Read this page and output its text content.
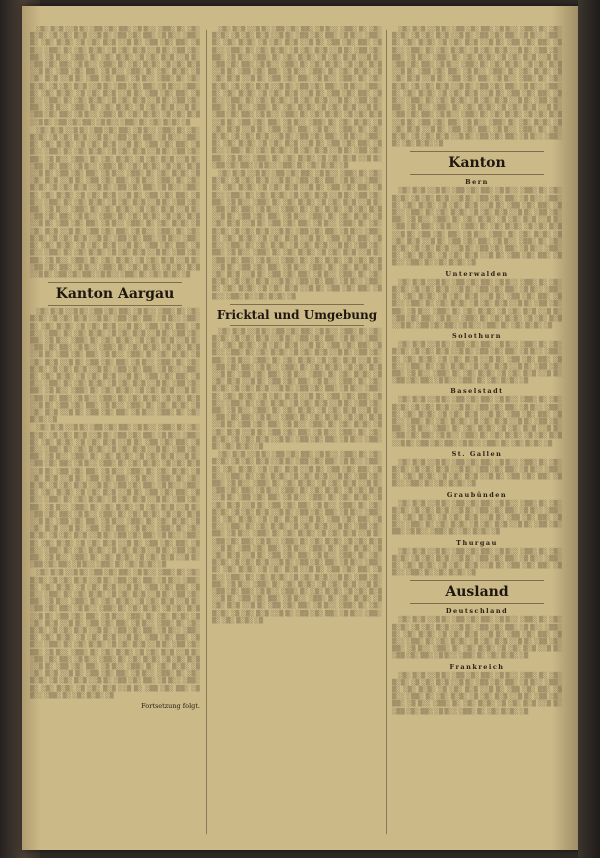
░▒░ ▒░▒ ░░▒ ▒░ ░▒▒ ░▒░ ▒▒░ ░▒ ▒░░ ░▒▒░ ▒░ ░▒░ ▒░▒░ ░▒ ░▒░ ▒░▒ ░░▒ ▒░ ░▒▒ ░▒░ ▒▒░ ░▒ ▒░░ ░▒▒░ ▒░ ░▒░ ▒░▒░ ░▒ ░▒░ ▒░▒ ░░▒ ▒░ ░▒▒ ░▒░ ▒▒░ ░▒ ▒░░ ░▒▒░ ▒░ ░▒░ ▒░▒░ ░▒ ░▒░ ▒░▒ ░░▒ ▒░ ░▒▒ ░▒░ ▒▒░ ░▒ ▒░░ ░▒▒░ ▒░ ░▒░ ▒░▒░ ░▒ ░▒░ ▒░▒ ░░▒ ▒░ ░▒▒ ░▒░ ▒▒░ ░▒ ▒░░ ░▒▒░ ▒░ ░▒░ ▒░▒░ ░▒ ░▒░ ▒░▒ ░░▒ ▒░ ░▒▒ ░▒░ ▒▒░ ░▒ ▒░░ ░▒▒░ ▒░ ░▒░ ▒░▒░ ░▒ ░▒░ ▒░▒ ░░▒ ▒░ ░▒▒ ░▒░ ▒▒░ ░▒ ▒░░ ░▒▒░ ▒░ ░▒░ ▒░▒░ ░▒ ░▒░ ▒░▒ ░░▒ ▒░ ░▒▒ ░▒░ ▒▒░ ░▒ ▒░░ ░▒▒░ ▒░ ░▒░ ▒░▒░ ░▒ ░▒░ ▒░▒ ░░▒ ▒░ ░▒▒ ░▒░ ▒▒░ ░▒ ▒░░ ░▒▒░ ▒░ ░▒░ ▒░▒░ ░▒ ░▒░ ▒░▒ ░░▒ ▒░ ░▒▒ ░▒░ ▒▒░ ░▒ ▒░░ ░▒▒░ ▒░ ░▒░ ▒░▒░ ░▒ ░▒░ ▒░▒ ░░▒ ▒░ ░▒▒ ░▒░ ▒▒░ ░▒ ▒░░ ░▒▒░ ▒░ ░▒░ ▒░▒░ ░▒ ░▒░ ▒░▒ ░░▒ ▒░ ░▒▒ ░▒░ ▒▒░ ░▒ ▒░░ ░▒▒░ ▒░ ░▒░ ▒░▒░ ░▒

░▒░ ▒░▒ ░░▒ ▒░ ░▒▒ ░▒░ ▒▒░ ░▒ ▒░░ ░▒▒░ ▒░ ░▒░ ▒░▒░ ░▒ ░▒░ ▒░▒ ░░▒ ▒░ ░▒▒ ░▒░ ▒▒░ ░▒ ▒░░ ░▒▒░ ▒░ ░▒░ ▒░▒░ ░▒ ░▒░ ▒░▒ ░░▒ ▒░ ░▒▒ ░▒░ ▒▒░ ░▒ ▒░░ ░▒▒░ ▒░ ░▒░ ▒░▒░ ░▒ ░▒░ ▒░▒ ░░▒ ▒░ ░▒▒ ░▒░ ▒▒░ ░▒ ▒░░ ░▒▒░ ▒░ ░▒░ ▒░▒░ ░▒ ░▒░ ▒░▒ ░░▒ ▒░ ░▒▒ ░▒░ ▒▒░ ░▒ ▒░░ ░▒▒░ ▒░ ░▒░ ▒░▒░ ░▒ ░▒░ ▒░▒ ░░▒ ▒░ ░▒▒ ░▒░ ▒▒░ ░▒ ▒░░ ░▒▒░ ▒░ ░▒░ ▒░▒░ ░▒ ░▒░ ▒░▒ ░░▒ ▒░ ░▒▒ ░▒░ ▒▒░ ░▒ ▒░░ ░▒▒░ ▒░ ░▒░ ▒░▒░ ░▒ ░▒░ ▒░▒ ░░▒ ▒░ ░▒▒ ░▒░ ▒▒░ ░▒ ▒░░ ░▒▒░ ▒░ ░▒░ ▒░▒░ ░▒ ░▒░ ▒░▒ ░░▒ ▒░ ░▒▒ ░▒░ ▒▒░ ░▒ ▒░░ ░▒▒░ ▒░ ░▒░ ▒░▒░ ░▒ ░▒░ ▒░▒ ░░▒ ▒░ ░▒▒ ░▒░ ▒▒░ ░▒ ▒░░ ░▒▒░ ▒░ ░▒░ ▒░▒░ ░▒ ░▒░ ▒░▒ ░░▒ ▒░ ░▒▒ ░▒░ ▒▒░ ░▒ ▒░░ ░▒▒░ ▒░ ░▒░ ▒░▒░ ░▒ ░▒░ ▒░▒ ░░▒ ▒░ ░▒▒ ░▒░ ▒▒░ ░▒ ▒░░ ░▒▒░ ▒░ ░▒░ ▒░▒░ ░▒ ░▒░ ▒░▒ ░░▒ ▒░ ░▒▒ ░▒░ ▒▒░ ░▒ ▒░░ ░▒▒░ ▒░ ░▒░ ▒░▒░ ░▒ ░▒░ ▒░▒ ░░▒ ▒░ ░▒▒ ░▒░ ▒▒░ ░▒ ▒░░ ░▒▒░ ▒░ ░▒░ ▒░▒░ ░▒ ░▒░ ▒░▒ ░░▒ ▒░ ░▒▒ ░▒░ ▒▒░ ░▒ ▒░░ ░▒▒░ ▒░ ░▒░ ▒░▒░ ░▒ ░▒░ ▒░▒ ░░▒ ▒░ ░▒▒ ░▒░ ▒▒░ ░▒ ▒░░ ░▒▒░ ▒░ ░▒░ ▒░▒░ ░▒ ░▒░ ▒░▒ ░░▒ ▒░ ░▒▒ ░▒░ ▒▒░ ░▒ ▒░░ ░▒▒░ ▒░ ░▒░ ▒░▒░ ░▒ ░▒░ ▒░▒ ░░▒ ▒░ ░▒▒ ░▒░ ▒▒░ ░▒ ▒░░ ░▒▒░ ▒░ ░▒░ ▒░▒░ ░▒

Kanton Aargau

░▒░ ▒░▒ ░░▒ ▒░ ░▒▒ ░▒░ ▒▒░ ░▒ ▒░░ ░▒▒░ ▒░ ░▒░ ▒░▒░ ░▒ ░▒░ ▒░▒ ░░▒ ▒░ ░▒▒ ░▒░ ▒▒░ ░▒ ▒░░ ░▒▒░ ▒░ ░▒░ ▒░▒░ ░▒ ░▒░ ▒░▒ ░░▒ ▒░ ░▒▒ ░▒░ ▒▒░ ░▒ ▒░░ ░▒▒░ ▒░ ░▒░ ▒░▒░ ░▒ ░▒░ ▒░▒ ░░▒ ▒░ ░▒▒ ░▒░ ▒▒░ ░▒ ▒░░ ░▒▒░ ▒░ ░▒░ ▒░▒░ ░▒ ░▒░ ▒░▒ ░░▒ ▒░ ░▒▒ ░▒░ ▒▒░ ░▒ ▒░░ ░▒▒░ ▒░ ░▒░ ▒░▒░ ░▒ ░▒░ ▒░▒ ░░▒ ▒░ ░▒▒ ░▒░ ▒▒░ ░▒ ▒░░ ░▒▒░ ▒░ ░▒░ ▒░▒░ ░▒ ░▒░ ▒░▒ ░░▒ ▒░ ░▒▒ ░▒░ ▒▒░ ░▒ ▒░░ ░▒▒░ ▒░ ░▒░ ▒░▒░ ░▒ ░▒░ ▒░▒ ░░▒ ▒░ ░▒▒ ░▒░ ▒▒░ ░▒ ▒░░ ░▒▒░ ▒░ ░▒░ ▒░▒░ ░▒ ░▒░ ▒░▒ ░░▒ ▒░ ░▒▒ ░▒░ ▒▒░ ░▒ ▒░░ ░▒▒░ ▒░ ░▒░ ▒░▒░ ░▒ ░▒░ ▒░▒ ░░▒ ▒░ ░▒▒ ░▒░ ▒▒░ ░▒ ▒░░ ░▒▒░ ▒░ ░▒░ ▒░▒░ ░▒ ░▒░ ▒░▒ ░░▒ ▒░ ░▒▒ ░▒░ ▒▒░ ░▒ ▒░░ ░▒▒░ ▒░ ░▒░ ▒░▒░ ░▒ ░▒░ ▒░▒ ░░▒ ▒░ ░▒▒ ░▒░ ▒▒░ ░▒ ▒░░ ░▒▒░ ▒░ ░▒░ ▒░▒░ ░▒ ░▒░ ▒░▒ ░░▒ ▒░ ░▒▒ ░▒░ ▒▒░ ░▒ ▒░░ ░▒▒░ ▒░ ░▒░ ▒░▒░ ░▒

░▒░ ▒░▒ ░░▒ ▒░ ░▒▒ ░▒░ ▒▒░ ░▒ ▒░░ ░▒▒░ ▒░ ░▒░ ▒░▒░ ░▒ ░▒░ ▒░▒ ░░▒ ▒░ ░▒▒ ░▒░ ▒▒░ ░▒ ▒░░ ░▒▒░ ▒░ ░▒░ ▒░▒░ ░▒ ░▒░ ▒░▒ ░░▒ ▒░ ░▒▒ ░▒░ ▒▒░ ░▒ ▒░░ ░▒▒░ ▒░ ░▒░ ▒░▒░ ░▒ ░▒░ ▒░▒ ░░▒ ▒░ ░▒▒ ░▒░ ▒▒░ ░▒ ▒░░ ░▒▒░ ▒░ ░▒░ ▒░▒░ ░▒ ░▒░ ▒░▒ ░░▒ ▒░ ░▒▒ ░▒░ ▒▒░ ░▒ ▒░░ ░▒▒░ ▒░ ░▒░ ▒░▒░ ░▒ ░▒░ ▒░▒ ░░▒ ▒░ ░▒▒ ░▒░ ▒▒░ ░▒ ▒░░ ░▒▒░ ▒░ ░▒░ ▒░▒░ ░▒ ░▒░ ▒░▒ ░░▒ ▒░ ░▒▒ ░▒░ ▒▒░ ░▒ ▒░░ ░▒▒░ ▒░ ░▒░ ▒░▒░ ░▒ ░▒░ ▒░▒ ░░▒ ▒░ ░▒▒ ░▒░ ▒▒░ ░▒ ▒░░ ░▒▒░ ▒░ ░▒░ ▒░▒░ ░▒ ░▒░ ▒░▒ ░░▒ ▒░ ░▒▒ ░▒░ ▒▒░ ░▒ ▒░░ ░▒▒░ ▒░ ░▒░ ▒░▒░ ░▒ ░▒░ ▒░▒ ░░▒ ▒░ ░▒▒ ░▒░ ▒▒░ ░▒ ▒░░ ░▒▒░ ▒░ ░▒░ ▒░▒░ ░▒ ░▒░ ▒░▒ ░░▒ ▒░ ░▒▒ ░▒░ ▒▒░ ░▒ ▒░░ ░▒▒░ ▒░ ░▒░ ▒░▒░ ░▒ ░▒░ ▒░▒ ░░▒ ▒░ ░▒▒ ░▒░ ▒▒░ ░▒ ▒░░ ░▒▒░ ▒░ ░▒░ ▒░▒░ ░▒ ░▒░ ▒░▒ ░░▒ ▒░ ░▒▒ ░▒░ ▒▒░ ░▒ ▒░░ ░▒▒░ ▒░ ░▒░ ▒░▒░ ░▒ ░▒░ ▒░▒ ░░▒ ▒░ ░▒▒ ░▒░ ▒▒░ ░▒ ▒░░ ░▒▒░ ▒░ ░▒░ ▒░▒░ ░▒ ░▒░ ▒░▒ ░░▒ ▒░ ░▒▒ ░▒░ ▒▒░ ░▒ ▒░░ ░▒▒░ ▒░ ░▒░ ▒░▒░ ░▒ ░▒░ ▒░▒ ░░▒ ▒░ ░▒▒ ░▒░ ▒▒░ ░▒ ▒░░ ░▒▒░ ▒░ ░▒░ ▒░▒░ ░▒ ░▒░ ▒░▒ ░░▒ ▒░ ░▒▒ ░▒░ ▒▒░ ░▒ ▒░░ ░▒▒░ ▒░ ░▒░ ▒░▒░ ░▒

░▒░ ▒░▒ ░░▒ ▒░ ░▒▒ ░▒░ ▒▒░ ░▒ ▒░░ ░▒▒░ ▒░ ░▒░ ▒░▒░ ░▒ ░▒░ ▒░▒ ░░▒ ▒░ ░▒▒ ░▒░ ▒▒░ ░▒ ▒░░ ░▒▒░ ▒░ ░▒░ ▒░▒░ ░▒ ░▒░ ▒░▒ ░░▒ ▒░ ░▒▒ ░▒░ ▒▒░ ░▒ ▒░░ ░▒▒░ ▒░ ░▒░ ▒░▒░ ░▒ ░▒░ ▒░▒ ░░▒ ▒░ ░▒▒ ░▒░ ▒▒░ ░▒ ▒░░ ░▒▒░ ▒░ ░▒░ ▒░▒░ ░▒ ░▒░ ▒░▒ ░░▒ ▒░ ░▒▒ ░▒░ ▒▒░ ░▒ ▒░░ ░▒▒░ ▒░ ░▒░ ▒░▒░ ░▒ ░▒░ ▒░▒ ░░▒ ▒░ ░▒▒ ░▒░ ▒▒░ ░▒ ▒░░ ░▒▒░ ▒░ ░▒░ ▒░▒░ ░▒ ░▒░ ▒░▒ ░░▒ ▒░ ░▒▒ ░▒░ ▒▒░ ░▒ ▒░░ ░▒▒░ ▒░ ░▒░ ▒░▒░ ░▒ ░▒░ ▒░▒ ░░▒ ▒░ ░▒▒ ░▒░ ▒▒░ ░▒ ▒░░ ░▒▒░ ▒░ ░▒░ ▒░▒░ ░▒ ░▒░ ▒░▒ ░░▒ ▒░ ░▒▒ ░▒░ ▒▒░ ░▒ ▒░░ ░▒▒░ ▒░ ░▒░ ▒░▒░ ░▒ ░▒░ ▒░▒ ░░▒ ▒░ ░▒▒ ░▒░ ▒▒░ ░▒ ▒░░ ░▒▒░ ▒░ ░▒░ ▒░▒░ ░▒ ░▒░ ▒░▒ ░░▒ ▒░ ░▒▒ ░▒░ ▒▒░ ░▒ ▒░░ ░▒▒░ ▒░ ░▒░ ▒░▒░ ░▒ ░▒░ ▒░▒ ░░▒ ▒░ ░▒▒ ░▒░ ▒▒░ ░▒ ▒░░ ░▒▒░ ▒░ ░▒░ ▒░▒░ ░▒ ░▒░ ▒░▒ ░░▒ ▒░ ░▒▒ ░▒░ ▒▒░ ░▒ ▒░░ ░▒▒░ ▒░ ░▒░ ▒░▒░ ░▒ ░▒░ ▒░▒ ░░▒ ▒░ ░▒▒ ░▒░ ▒▒░ ░▒ ▒░░ ░▒▒░ ▒░ ░▒░ ▒░▒░ ░▒ ░▒░ ▒░▒ ░░▒ ▒░ ░▒▒ ░▒░ ▒▒░ ░▒ ▒░░ ░▒▒░ ▒░ ░▒░ ▒░▒░ ░▒

Fortsetzung folgt.

░▒░ ▒░▒ ░░▒ ▒░ ░▒▒ ░▒░ ▒▒░ ░▒ ▒░░ ░▒▒░ ▒░ ░▒░ ▒░▒░ ░▒ ░▒░ ▒░▒ ░░▒ ▒░ ░▒▒ ░▒░ ▒▒░ ░▒ ▒░░ ░▒▒░ ▒░ ░▒░ ▒░▒░ ░▒ ░▒░ ▒░▒ ░░▒ ▒░ ░▒▒ ░▒░ ▒▒░ ░▒ ▒░░ ░▒▒░ ▒░ ░▒░ ▒░▒░ ░▒ ░▒░ ▒░▒ ░░▒ ▒░ ░▒▒ ░▒░ ▒▒░ ░▒ ▒░░ ░▒▒░ ▒░ ░▒░ ▒░▒░ ░▒ ░▒░ ▒░▒ ░░▒ ▒░ ░▒▒ ░▒░ ▒▒░ ░▒ ▒░░ ░▒▒░ ▒░ ░▒░ ▒░▒░ ░▒ ░▒░ ▒░▒ ░░▒ ▒░ ░▒▒ ░▒░ ▒▒░ ░▒ ▒░░ ░▒▒░ ▒░ ░▒░ ▒░▒░ ░▒ ░▒░ ▒░▒ ░░▒ ▒░ ░▒▒ ░▒░ ▒▒░ ░▒ ▒░░ ░▒▒░ ▒░ ░▒░ ▒░▒░ ░▒ ░▒░ ▒░▒ ░░▒ ▒░ ░▒▒ ░▒░ ▒▒░ ░▒ ▒░░ ░▒▒░ ▒░ ░▒░ ▒░▒░ ░▒ ░▒░ ▒░▒ ░░▒ ▒░ ░▒▒ ░▒░ ▒▒░ ░▒ ▒░░ ░▒▒░ ▒░ ░▒░ ▒░▒░ ░▒ ░▒░ ▒░▒ ░░▒ ▒░ ░▒▒ ░▒░ ▒▒░ ░▒ ▒░░ ░▒▒░ ▒░ ░▒░ ▒░▒░ ░▒ ░▒░ ▒░▒ ░░▒ ▒░ ░▒▒ ░▒░ ▒▒░ ░▒ ▒░░ ░▒▒░ ▒░ ░▒░ ▒░▒░ ░▒ ░▒░ ▒░▒ ░░▒ ▒░ ░▒▒ ░▒░ ▒▒░ ░▒ ▒░░ ░▒▒░ ▒░ ░▒░ ▒░▒░ ░▒ ░▒░ ▒░▒ ░░▒ ▒░ ░▒▒ ░▒░ ▒▒░ ░▒ ▒░░ ░▒▒░ ▒░ ░▒░ ▒░▒░ ░▒ ░▒░ ▒░▒ ░░▒ ▒░ ░▒▒ ░▒░ ▒▒░ ░▒ ▒░░ ░▒▒░ ▒░ ░▒░ ▒░▒░ ░▒ ░▒░ ▒░▒ ░░▒ ▒░ ░▒▒ ░▒░ ▒▒░ ░▒ ▒░░ ░▒▒░ ▒░ ░▒░ ▒░▒░ ░▒ ░▒░ ▒░▒ ░░▒ ▒░ ░▒▒ ░▒░ ▒▒░ ░▒ ▒░░ ░▒▒░ ▒░ ░▒░ ▒░▒░ ░▒ ░▒░ ▒░▒ ░░▒ ▒░ ░▒▒ ░▒░ ▒▒░ ░▒ ▒░░ ░▒▒░ ▒░ ░▒░ ▒░▒░ ░▒

░▒░ ▒░▒ ░░▒ ▒░ ░▒▒ ░▒░ ▒▒░ ░▒ ▒░░ ░▒▒░ ▒░ ░▒░ ▒░▒░ ░▒ ░▒░ ▒░▒ ░░▒ ▒░ ░▒▒ ░▒░ ▒▒░ ░▒ ▒░░ ░▒▒░ ▒░ ░▒░ ▒░▒░ ░▒ ░▒░ ▒░▒ ░░▒ ▒░ ░▒▒ ░▒░ ▒▒░ ░▒ ▒░░ ░▒▒░ ▒░ ░▒░ ▒░▒░ ░▒ ░▒░ ▒░▒ ░░▒ ▒░ ░▒▒ ░▒░ ▒▒░ ░▒ ▒░░ ░▒▒░ ▒░ ░▒░ ▒░▒░ ░▒ ░▒░ ▒░▒ ░░▒ ▒░ ░▒▒ ░▒░ ▒▒░ ░▒ ▒░░ ░▒▒░ ▒░ ░▒░ ▒░▒░ ░▒ ░▒░ ▒░▒ ░░▒ ▒░ ░▒▒ ░▒░ ▒▒░ ░▒ ▒░░ ░▒▒░ ▒░ ░▒░ ▒░▒░ ░▒ ░▒░ ▒░▒ ░░▒ ▒░ ░▒▒ ░▒░ ▒▒░ ░▒ ▒░░ ░▒▒░ ▒░ ░▒░ ▒░▒░ ░▒ ░▒░ ▒░▒ ░░▒ ▒░ ░▒▒ ░▒░ ▒▒░ ░▒ ▒░░ ░▒▒░ ▒░ ░▒░ ▒░▒░ ░▒ ░▒░ ▒░▒ ░░▒ ▒░ ░▒▒ ░▒░ ▒▒░ ░▒ ▒░░ ░▒▒░ ▒░ ░▒░ ▒░▒░ ░▒ ░▒░ ▒░▒ ░░▒ ▒░ ░▒▒ ░▒░ ▒▒░ ░▒ ▒░░ ░▒▒░ ▒░ ░▒░ ▒░▒░ ░▒ ░▒░ ▒░▒ ░░▒ ▒░ ░▒▒ ░▒░ ▒▒░ ░▒ ▒░░ ░▒▒░ ▒░ ░▒░ ▒░▒░ ░▒ ░▒░ ▒░▒ ░░▒ ▒░ ░▒▒ ░▒░ ▒▒░ ░▒ ▒░░ ░▒▒░ ▒░ ░▒░ ▒░▒░ ░▒ ░▒░ ▒░▒ ░░▒ ▒░ ░▒▒ ░▒░ ▒▒░ ░▒ ▒░░ ░▒▒░ ▒░ ░▒░ ▒░▒░ ░▒ ░▒░ ▒░▒ ░░▒ ▒░ ░▒▒ ░▒░ ▒▒░ ░▒ ▒░░ ░▒▒░ ▒░ ░▒░ ▒░▒░ ░▒ ░▒░ ▒░▒ ░░▒ ▒░ ░▒▒ ░▒░ ▒▒░ ░▒ ▒░░ ░▒▒░ ▒░ ░▒░ ▒░▒░ ░▒

Fricktal und Umgebung

░▒░ ▒░▒ ░░▒ ▒░ ░▒▒ ░▒░ ▒▒░ ░▒ ▒░░ ░▒▒░ ▒░ ░▒░ ▒░▒░ ░▒ ░▒░ ▒░▒ ░░▒ ▒░ ░▒▒ ░▒░ ▒▒░ ░▒ ▒░░ ░▒▒░ ▒░ ░▒░ ▒░▒░ ░▒ ░▒░ ▒░▒ ░░▒ ▒░ ░▒▒ ░▒░ ▒▒░ ░▒ ▒░░ ░▒▒░ ▒░ ░▒░ ▒░▒░ ░▒ ░▒░ ▒░▒ ░░▒ ▒░ ░▒▒ ░▒░ ▒▒░ ░▒ ▒░░ ░▒▒░ ▒░ ░▒░ ▒░▒░ ░▒ ░▒░ ▒░▒ ░░▒ ▒░ ░▒▒ ░▒░ ▒▒░ ░▒ ▒░░ ░▒▒░ ▒░ ░▒░ ▒░▒░ ░▒ ░▒░ ▒░▒ ░░▒ ▒░ ░▒▒ ░▒░ ▒▒░ ░▒ ▒░░ ░▒▒░ ▒░ ░▒░ ▒░▒░ ░▒ ░▒░ ▒░▒ ░░▒ ▒░ ░▒▒ ░▒░ ▒▒░ ░▒ ▒░░ ░▒▒░ ▒░ ░▒░ ▒░▒░ ░▒ ░▒░ ▒░▒ ░░▒ ▒░ ░▒▒ ░▒░ ▒▒░ ░▒ ▒░░ ░▒▒░ ▒░ ░▒░ ▒░▒░ ░▒ ░▒░ ▒░▒ ░░▒ ▒░ ░▒▒ ░▒░ ▒▒░ ░▒ ▒░░ ░▒▒░ ▒░ ░▒░ ▒░▒░ ░▒ ░▒░ ▒░▒ ░░▒ ▒░ ░▒▒ ░▒░ ▒▒░ ░▒ ▒░░ ░▒▒░ ▒░ ░▒░ ▒░▒░ ░▒ ░▒░ ▒░▒ ░░▒ ▒░ ░▒▒ ░▒░ ▒▒░ ░▒ ▒░░ ░▒▒░ ▒░ ░▒░ ▒░▒░ ░▒ ░▒░ ▒░▒ ░░▒ ▒░ ░▒▒ ░▒░ ▒▒░ ░▒ ▒░░ ░▒▒░ ▒░ ░▒░ ▒░▒░ ░▒ ░▒░ ▒░▒ ░░▒ ▒░ ░▒▒ ░▒░ ▒▒░ ░▒ ▒░░ ░▒▒░ ▒░ ░▒░ ▒░▒░ ░▒ ░▒░ ▒░▒ ░░▒ ▒░ ░▒▒ ░▒░ ▒▒░ ░▒ ▒░░ ░▒▒░ ▒░ ░▒░ ▒░▒░ ░▒

░▒░ ▒░▒ ░░▒ ▒░ ░▒▒ ░▒░ ▒▒░ ░▒ ▒░░ ░▒▒░ ▒░ ░▒░ ▒░▒░ ░▒ ░▒░ ▒░▒ ░░▒ ▒░ ░▒▒ ░▒░ ▒▒░ ░▒ ▒░░ ░▒▒░ ▒░ ░▒░ ▒░▒░ ░▒ ░▒░ ▒░▒ ░░▒ ▒░ ░▒▒ ░▒░ ▒▒░ ░▒ ▒░░ ░▒▒░ ▒░ ░▒░ ▒░▒░ ░▒ ░▒░ ▒░▒ ░░▒ ▒░ ░▒▒ ░▒░ ▒▒░ ░▒ ▒░░ ░▒▒░ ▒░ ░▒░ ▒░▒░ ░▒ ░▒░ ▒░▒ ░░▒ ▒░ ░▒▒ ░▒░ ▒▒░ ░▒ ▒░░ ░▒▒░ ▒░ ░▒░ ▒░▒░ ░▒ ░▒░ ▒░▒ ░░▒ ▒░ ░▒▒ ░▒░ ▒▒░ ░▒ ▒░░ ░▒▒░ ▒░ ░▒░ ▒░▒░ ░▒ ░▒░ ▒░▒ ░░▒ ▒░ ░▒▒ ░▒░ ▒▒░ ░▒ ▒░░ ░▒▒░ ▒░ ░▒░ ▒░▒░ ░▒ ░▒░ ▒░▒ ░░▒ ▒░ ░▒▒ ░▒░ ▒▒░ ░▒ ▒░░ ░▒▒░ ▒░ ░▒░ ▒░▒░ ░▒ ░▒░ ▒░▒ ░░▒ ▒░ ░▒▒ ░▒░ ▒▒░ ░▒ ▒░░ ░▒▒░ ▒░ ░▒░ ▒░▒░ ░▒ ░▒░ ▒░▒ ░░▒ ▒░ ░▒▒ ░▒░ ▒▒░ ░▒ ▒░░ ░▒▒░ ▒░ ░▒░ ▒░▒░ ░▒ ░▒░ ▒░▒ ░░▒ ▒░ ░▒▒ ░▒░ ▒▒░ ░▒ ▒░░ ░▒▒░ ▒░ ░▒░ ▒░▒░ ░▒ ░▒░ ▒░▒ ░░▒ ▒░ ░▒▒ ░▒░ ▒▒░ ░▒ ▒░░ ░▒▒░ ▒░ ░▒░ ▒░▒░ ░▒ ░▒░ ▒░▒ ░░▒ ▒░ ░▒▒ ░▒░ ▒▒░ ░▒ ▒░░ ░▒▒░ ▒░ ░▒░ ▒░▒░ ░▒ ░▒░ ▒░▒ ░░▒ ▒░ ░▒▒ ░▒░ ▒▒░ ░▒ ▒░░ ░▒▒░ ▒░ ░▒░ ▒░▒░ ░▒ ░▒░ ▒░▒ ░░▒ ▒░ ░▒▒ ░▒░ ▒▒░ ░▒ ▒░░ ░▒▒░ ▒░ ░▒░ ▒░▒░ ░▒ ░▒░ ▒░▒ ░░▒ ▒░ ░▒▒ ░▒░ ▒▒░ ░▒ ▒░░ ░▒▒░ ▒░ ░▒░ ▒░▒░ ░▒ ░▒░ ▒░▒ ░░▒ ▒░ ░▒▒ ░▒░ ▒▒░ ░▒ ▒░░ ░▒▒░ ▒░ ░▒░ ▒░▒░ ░▒ ░▒░ ▒░▒ ░░▒ ▒░ ░▒▒ ░▒░ ▒▒░ ░▒ ▒░░ ░▒▒░ ▒░ ░▒░ ▒░▒░ ░▒ ░▒░ ▒░▒ ░░▒ ▒░ ░▒▒ ░▒░ ▒▒░ ░▒ ▒░░ ░▒▒░ ▒░ ░▒░ ▒░▒░ ░▒ ░▒░ ▒░▒ ░░▒ ▒░ ░▒▒ ░▒░ ▒▒░ ░▒ ▒░░ ░▒▒░ ▒░ ░▒░ ▒░▒░ ░▒

░▒░ ▒░▒ ░░▒ ▒░ ░▒▒ ░▒░ ▒▒░ ░▒ ▒░░ ░▒▒░ ▒░ ░▒░ ▒░▒░ ░▒ ░▒░ ▒░▒ ░░▒ ▒░ ░▒▒ ░▒░ ▒▒░ ░▒ ▒░░ ░▒▒░ ▒░ ░▒░ ▒░▒░ ░▒ ░▒░ ▒░▒ ░░▒ ▒░ ░▒▒ ░▒░ ▒▒░ ░▒ ▒░░ ░▒▒░ ▒░ ░▒░ ▒░▒░ ░▒ ░▒░ ▒░▒ ░░▒ ▒░ ░▒▒ ░▒░ ▒▒░ ░▒ ▒░░ ░▒▒░ ▒░ ░▒░ ▒░▒░ ░▒ ░▒░ ▒░▒ ░░▒ ▒░ ░▒▒ ░▒░ ▒▒░ ░▒ ▒░░ ░▒▒░ ▒░ ░▒░ ▒░▒░ ░▒ ░▒░ ▒░▒ ░░▒ ▒░ ░▒▒ ░▒░ ▒▒░ ░▒ ▒░░ ░▒▒░ ▒░ ░▒░ ▒░▒░ ░▒ ░▒░ ▒░▒ ░░▒ ▒░ ░▒▒ ░▒░ ▒▒░ ░▒ ▒░░ ░▒▒░ ▒░ ░▒░ ▒░▒░ ░▒ ░▒░ ▒░▒ ░░▒ ▒░ ░▒▒ ░▒░ ▒▒░ ░▒ ▒░░ ░▒▒░ ▒░ ░▒░ ▒░▒░ ░▒ ░▒░ ▒░▒ ░░▒ ▒░ ░▒▒ ░▒░ ▒▒░ ░▒ ▒░░ ░▒▒░ ▒░ ░▒░ ▒░▒░ ░▒ ░▒░ ▒░▒ ░░▒ ▒░ ░▒▒ ░▒░ ▒▒░ ░▒ ▒░░ ░▒▒░ ▒░ ░▒░ ▒░▒░ ░▒ ░▒░ ▒░▒ ░░▒ ▒░ ░▒▒ ░▒░ ▒▒░ ░▒ ▒░░ ░▒▒░ ▒░ ░▒░ ▒░▒░ ░▒ ░▒░ ▒░▒ ░░▒ ▒░ ░▒▒ ░▒░ ▒▒░ ░▒ ▒░░ ░▒▒░ ▒░ ░▒░ ▒░▒░ ░▒ ░▒░ ▒░▒ ░░▒ ▒░ ░▒▒ ░▒░ ▒▒░ ░▒ ▒░░ ░▒▒░ ▒░ ░▒░ ▒░▒░ ░▒ ░▒░ ▒░▒ ░░▒ ▒░ ░▒▒ ░▒░ ▒▒░ ░▒ ▒░░ ░▒▒░ ▒░ ░▒░ ▒░▒░ ░▒

Kanton
Bern

░▒░ ▒░▒ ░░▒ ▒░ ░▒▒ ░▒░ ▒▒░ ░▒ ▒░░ ░▒▒░ ▒░ ░▒░ ▒░▒░ ░▒ ░▒░ ▒░▒ ░░▒ ▒░ ░▒▒ ░▒░ ▒▒░ ░▒ ▒░░ ░▒▒░ ▒░ ░▒░ ▒░▒░ ░▒ ░▒░ ▒░▒ ░░▒ ▒░ ░▒▒ ░▒░ ▒▒░ ░▒ ▒░░ ░▒▒░ ▒░ ░▒░ ▒░▒░ ░▒ ░▒░ ▒░▒ ░░▒ ▒░ ░▒▒ ░▒░ ▒▒░ ░▒ ▒░░ ░▒▒░ ▒░ ░▒░ ▒░▒░ ░▒ ░▒░ ▒░▒ ░░▒ ▒░ ░▒▒ ░▒░ ▒▒░ ░▒ ▒░░ ░▒▒░ ▒░ ░▒░ ▒░▒░ ░▒ ░▒░ ▒░▒ ░░▒ ▒░ ░▒▒ ░▒░ ▒▒░ ░▒ ▒░░ ░▒▒░ ▒░ ░▒░ ▒░▒░ ░▒ ░▒░ ▒░▒ ░░▒ ▒░ ░▒▒ ░▒░ ▒▒░ ░▒ ▒░░ ░▒▒░ ▒░ ░▒░ ▒░▒░ ░▒ ░▒░ ▒░▒ ░░▒ ▒░ ░▒▒ ░▒░ ▒▒░ ░▒ ▒░░ ░▒▒░ ▒░ ░▒░ ▒░▒░ ░▒ ░▒░ ▒░▒ ░░▒ ▒░ ░▒▒ ░▒░ ▒▒░ ░▒ ▒░░ ░▒▒░ ▒░ ░▒░ ▒░▒░ ░▒

Unterwalden

░▒░ ▒░▒ ░░▒ ▒░ ░▒▒ ░▒░ ▒▒░ ░▒ ▒░░ ░▒▒░ ▒░ ░▒░ ▒░▒░ ░▒ ░▒░ ▒░▒ ░░▒ ▒░ ░▒▒ ░▒░ ▒▒░ ░▒ ▒░░ ░▒▒░ ▒░ ░▒░ ▒░▒░ ░▒ ░▒░ ▒░▒ ░░▒ ▒░ ░▒▒ ░▒░ ▒▒░ ░▒ ▒░░ ░▒▒░ ▒░ ░▒░ ▒░▒░ ░▒ ░▒░ ▒░▒ ░░▒ ▒░ ░▒▒ ░▒░ ▒▒░ ░▒ ▒░░ ░▒▒░ ▒░ ░▒░ ▒░▒░ ░▒ ░▒░ ▒░▒ ░░▒ ▒░ ░▒▒ ░▒░ ▒▒░ ░▒ ▒░░ ░▒▒░ ▒░ ░▒░ ▒░▒░ ░▒ ░▒░ ▒░▒ ░░▒ ▒░ ░▒▒ ░▒░ ▒▒░ ░▒ ▒░░ ░▒▒░ ▒░ ░▒░ ▒░▒░ ░▒

Solothurn

░▒░ ▒░▒ ░░▒ ▒░ ░▒▒ ░▒░ ▒▒░ ░▒ ▒░░ ░▒▒░ ▒░ ░▒░ ▒░▒░ ░▒ ░▒░ ▒░▒ ░░▒ ▒░ ░▒▒ ░▒░ ▒▒░ ░▒ ▒░░ ░▒▒░ ▒░ ░▒░ ▒░▒░ ░▒ ░▒░ ▒░▒ ░░▒ ▒░ ░▒▒ ░▒░ ▒▒░ ░▒ ▒░░ ░▒▒░ ▒░ ░▒░ ▒░▒░ ░▒ ░▒░ ▒░▒ ░░▒ ▒░ ░▒▒ ░▒░ ▒▒░ ░▒ ▒░░ ░▒▒░ ▒░ ░▒░ ▒░▒░ ░▒ ░▒░ ▒░▒ ░░▒ ▒░ ░▒▒ ░▒░ ▒▒░ ░▒ ▒░░ ░▒▒░ ▒░ ░▒░ ▒░▒░ ░▒

Baselstadt

░▒░ ▒░▒ ░░▒ ▒░ ░▒▒ ░▒░ ▒▒░ ░▒ ▒░░ ░▒▒░ ▒░ ░▒░ ▒░▒░ ░▒ ░▒░ ▒░▒ ░░▒ ▒░ ░▒▒ ░▒░ ▒▒░ ░▒ ▒░░ ░▒▒░ ▒░ ░▒░ ▒░▒░ ░▒ ░▒░ ▒░▒ ░░▒ ▒░ ░▒▒ ░▒░ ▒▒░ ░▒ ▒░░ ░▒▒░ ▒░ ░▒░ ▒░▒░ ░▒ ░▒░ ▒░▒ ░░▒ ▒░ ░▒▒ ░▒░ ▒▒░ ░▒ ▒░░ ░▒▒░ ▒░ ░▒░ ▒░▒░ ░▒ ░▒░ ▒░▒ ░░▒ ▒░ ░▒▒ ░▒░ ▒▒░ ░▒ ▒░░ ░▒▒░ ▒░ ░▒░ ▒░▒░ ░▒ ░▒░ ▒░▒ ░░▒ ▒░ ░▒▒ ░▒░ ▒▒░ ░▒ ▒░░ ░▒▒░ ▒░ ░▒░ ▒░▒░ ░▒

St. Gallen

░▒░ ▒░▒ ░░▒ ▒░ ░▒▒ ░▒░ ▒▒░ ░▒ ▒░░ ░▒▒░ ▒░ ░▒░ ▒░▒░ ░▒ ░▒░ ▒░▒ ░░▒ ▒░ ░▒▒ ░▒░ ▒▒░ ░▒ ▒░░ ░▒▒░ ▒░ ░▒░ ▒░▒░ ░▒ ░▒░ ▒░▒ ░░▒ ▒░ ░▒▒ ░▒░ ▒▒░ ░▒ ▒░░ ░▒▒░ ▒░ ░▒░ ▒░▒░ ░▒

Graubünden

░▒░ ▒░▒ ░░▒ ▒░ ░▒▒ ░▒░ ▒▒░ ░▒ ▒░░ ░▒▒░ ▒░ ░▒░ ▒░▒░ ░▒ ░▒░ ▒░▒ ░░▒ ▒░ ░▒▒ ░▒░ ▒▒░ ░▒ ▒░░ ░▒▒░ ▒░ ░▒░ ▒░▒░ ░▒ ░▒░ ▒░▒ ░░▒ ▒░ ░▒▒ ░▒░ ▒▒░ ░▒ ▒░░ ░▒▒░ ▒░ ░▒░ ▒░▒░ ░▒ ░▒░ ▒░▒ ░░▒ ▒░ ░▒▒ ░▒░ ▒▒░ ░▒ ▒░░ ░▒▒░ ▒░ ░▒░ ▒░▒░ ░▒

Thurgau

░▒░ ▒░▒ ░░▒ ▒░ ░▒▒ ░▒░ ▒▒░ ░▒ ▒░░ ░▒▒░ ▒░ ░▒░ ▒░▒░ ░▒ ░▒░ ▒░▒ ░░▒ ▒░ ░▒▒ ░▒░ ▒▒░ ░▒ ▒░░ ░▒▒░ ▒░ ░▒░ ▒░▒░ ░▒ ░▒░ ▒░▒ ░░▒ ▒░ ░▒▒ ░▒░ ▒▒░ ░▒ ▒░░ ░▒▒░ ▒░ ░▒░ ▒░▒░ ░▒

Ausland
Deutschland

░▒░ ▒░▒ ░░▒ ▒░ ░▒▒ ░▒░ ▒▒░ ░▒ ▒░░ ░▒▒░ ▒░ ░▒░ ▒░▒░ ░▒ ░▒░ ▒░▒ ░░▒ ▒░ ░▒▒ ░▒░ ▒▒░ ░▒ ▒░░ ░▒▒░ ▒░ ░▒░ ▒░▒░ ░▒ ░▒░ ▒░▒ ░░▒ ▒░ ░▒▒ ░▒░ ▒▒░ ░▒ ▒░░ ░▒▒░ ▒░ ░▒░ ▒░▒░ ░▒ ░▒░ ▒░▒ ░░▒ ▒░ ░▒▒ ░▒░ ▒▒░ ░▒ ▒░░ ░▒▒░ ▒░ ░▒░ ▒░▒░ ░▒ ░▒░ ▒░▒ ░░▒ ▒░ ░▒▒ ░▒░ ▒▒░ ░▒ ▒░░ ░▒▒░ ▒░ ░▒░ ▒░▒░ ░▒

Frankreich

░▒░ ▒░▒ ░░▒ ▒░ ░▒▒ ░▒░ ▒▒░ ░▒ ▒░░ ░▒▒░ ▒░ ░▒░ ▒░▒░ ░▒ ░▒░ ▒░▒ ░░▒ ▒░ ░▒▒ ░▒░ ▒▒░ ░▒ ▒░░ ░▒▒░ ▒░ ░▒░ ▒░▒░ ░▒ ░▒░ ▒░▒ ░░▒ ▒░ ░▒▒ ░▒░ ▒▒░ ░▒ ▒░░ ░▒▒░ ▒░ ░▒░ ▒░▒░ ░▒ ░▒░ ▒░▒ ░░▒ ▒░ ░▒▒ ░▒░ ▒▒░ ░▒ ▒░░ ░▒▒░ ▒░ ░▒░ ▒░▒░ ░▒ ░▒░ ▒░▒ ░░▒ ▒░ ░▒▒ ░▒░ ▒▒░ ░▒ ▒░░ ░▒▒░ ▒░ ░▒░ ▒░▒░ ░▒
